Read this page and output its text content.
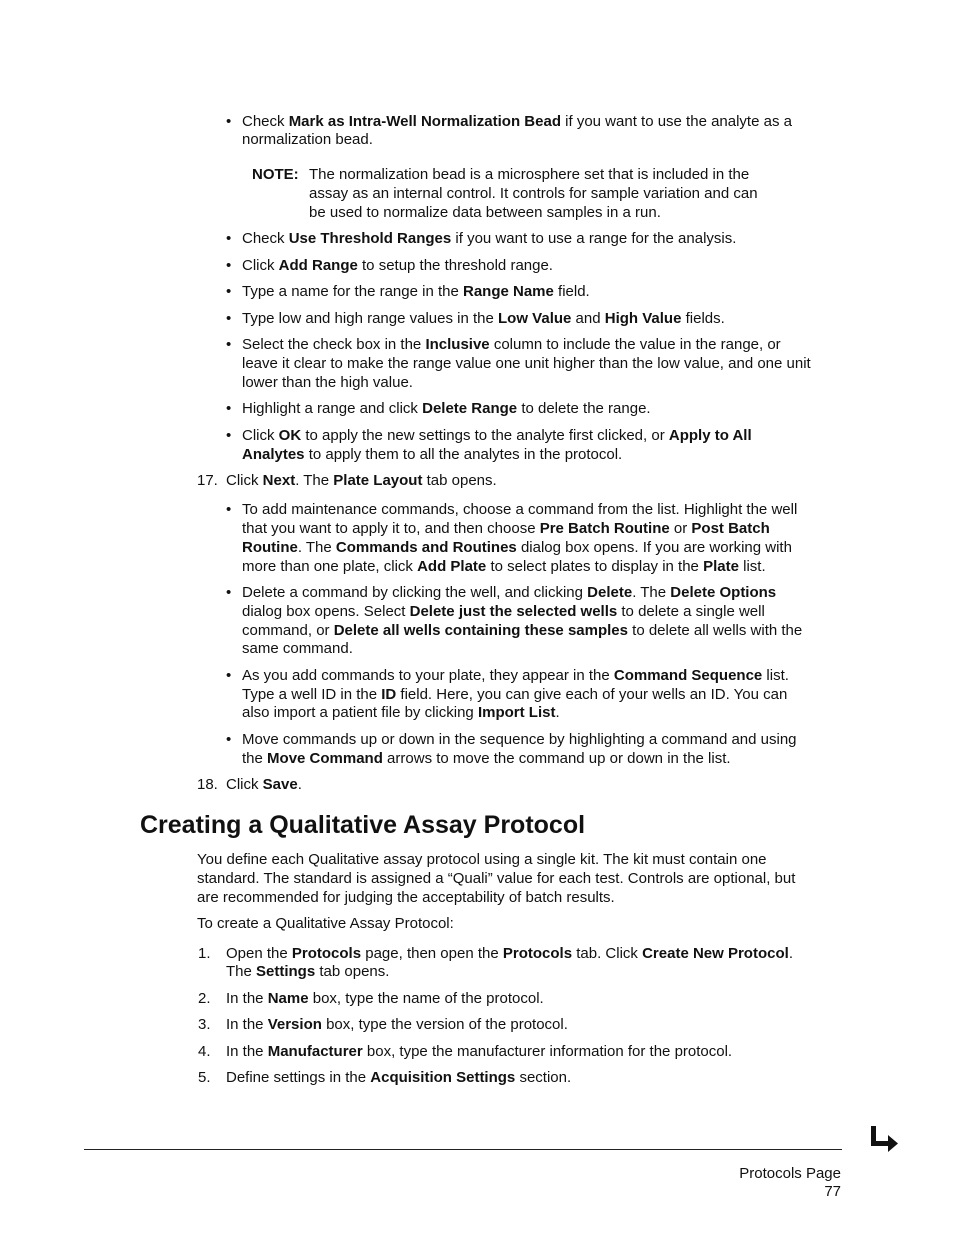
• Check Mark as Intra-Well Normalization Bead if you want to use the analyte as a
normalization bead.
NOTE: The normalization bead is a microsphere set that is included in the
assay as an internal control. It controls for sample variation and can
be used to normalize data between samples in a run.
• Check Use Threshold Ranges if you want to use a range for the analysis.
• Click Add Range to setup the threshold range.
• Type a name for the range in the Range Name field.
• Type low and high range values in the Low Value and High Value fields.
• Select the check box in the Inclusive column to include the value in the range, or
leave it clear to make the range value one unit higher than the low value, and one unit
lower than the high value.
• Highlight a range and click Delete Range to delete the range.
• Click OK to apply the new settings to the analyte first clicked, or Apply to All
Analytes to apply them to all the analytes in the protocol.
17. Click Next. The Plate Layout tab opens.
• To add maintenance commands, choose a command from the list. Highlight the well
that you want to apply it to, and then choose Pre Batch Routine or Post Batch
Routine. The Commands and Routines dialog box opens. If you are working with
more than one plate, click Add Plate to select plates to display in the Plate list.
• Delete a command by clicking the well, and clicking Delete. The Delete Options
dialog box opens. Select Delete just the selected wells to delete a single well
command, or Delete all wells containing these samples to delete all wells with the
same command.
• As you add commands to your plate, they appear in the Command Sequence list.
Type a well ID in the ID field. Here, you can give each of your wells an ID. You can
also import a patient file by clicking Import List.
• Move commands up or down in the sequence by highlighting a command and using
the Move Command arrows to move the command up or down in the list.
18. Click Save.
Creating a Qualitative Assay Protocol
You define each Qualitative assay protocol using a single kit. The kit must contain one
standard. The standard is assigned a “Quali” value for each test. Controls are optional, but
are recommended for judging the acceptability of batch results.
To create a Qualitative Assay Protocol:
1. Open the Protocols page, then open the Protocols tab. Click Create New Protocol.
The Settings tab opens.
2. In the Name box, type the name of the protocol.
3. In the Version box, type the version of the protocol.
4. In the Manufacturer box, type the manufacturer information for the protocol.
5. Define settings in the Acquisition Settings section.
Protocols Page
77
